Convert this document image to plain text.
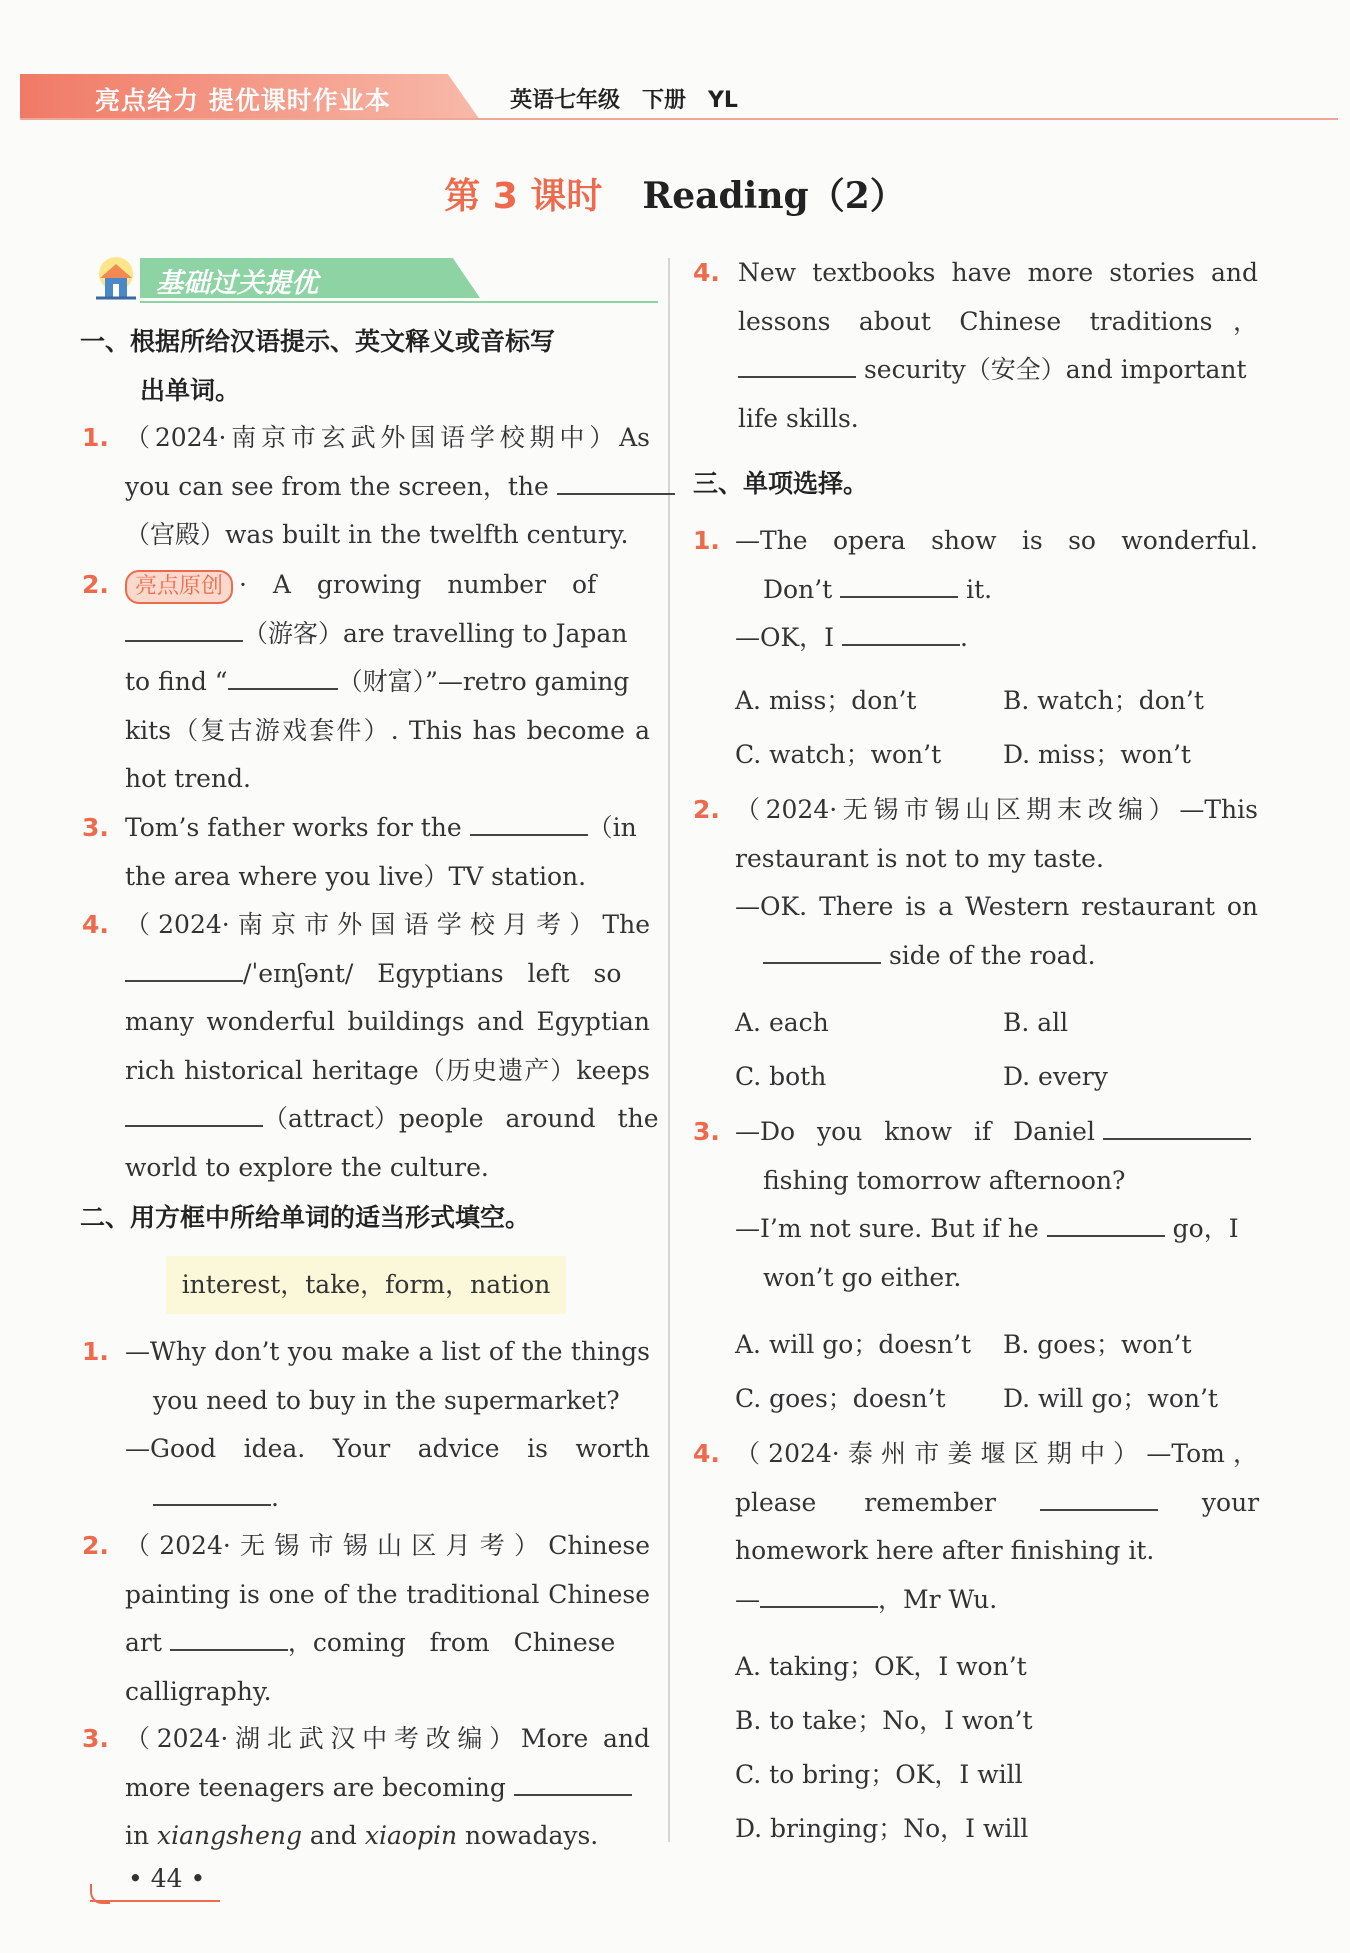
亮点给力 提优课时作业本	英语七年级　下册　YL
第 3 课时 Reading（2）
基础过关提优
一、根据所给汉语提示、英文释义或音标写
出单词。
1. （2024·南京市玄武外国语学校期中）As
you can see from the screen，the
（宫殿）was built in the twelfth century.
2.	亮点原创 · A growing number of
（游客）are travelling to Japan
to find “	（财富）”—retro gaming
kits（复古游戏套件）. This has become a
hot trend.
3. Tom’s father works for the	（in
the area where you live）TV station.
4. （2024·南京市外国语学校月考）The
/ˈeɪnʃənt/ Egyptians left so
many wonderful buildings and Egyptian
rich historical heritage（历史遗产）keeps
（attract）people around the
world to explore the culture.
二、用方框中所给单词的适当形式填空。
interest，take，form，nation
1. —Why don’t you make a list of the things
you need to buy in the supermarket?
—Good idea. Your advice is worth
.
2. （2024·无锡市锡山区月考）Chinese
painting is one of the traditional Chinese
art	，coming from Chinese
calligraphy.
3. （2024·湖北武汉中考改编）More and
more teenagers are becoming
in xiangsheng and xiaopin nowadays.
4. New textbooks have more stories and
lessons about Chinese traditions，
security（安全）and important
life skills.
三、单项选择。
1. —The opera show is so wonderful.
Don’t	it.
—OK，I	.
A. miss；don’t	B. watch；don’t
C. watch；won’t D. miss；won’t
2. （2024·无锡市锡山区期末改编）—This
restaurant is not to my taste.
—OK. There is a Western restaurant on
side of the road.
A. each	B. all
C. both	D. every
3. —Do you know if Daniel
fishing tomorrow afternoon?
—I’m not sure. But if he	go，I
won’t go either.
A. will go；doesn’t B. goes；won’t
C. goes；doesn’t D. will go；won’t
4. （2024·泰州市姜堰区期中）—Tom，
please remember	your
homework here after finishing it.
—	，Mr Wu.
A. taking；OK，I won’t
B. to take；No，I won’t
C. to bring；OK，I will
D. bringing；No，I will
• 44 •
